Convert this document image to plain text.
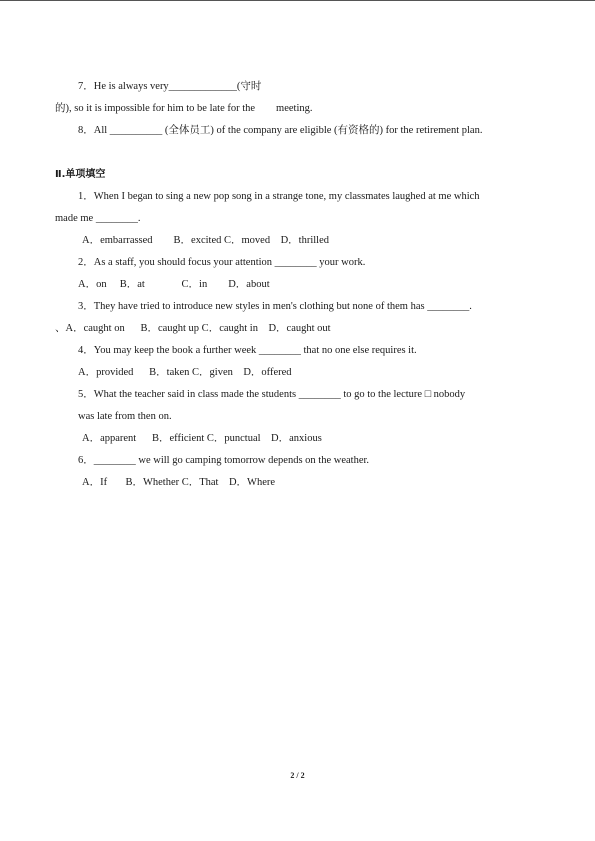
7．He is always very_____________(守时
的), so it is impossible for him to be late for the        meeting.
8．All __________ (全体员工) of the company are eligible (有资格的) for the retirement plan.
Ⅱ.单项填空
1．When I began to sing a new pop song in a strange tone, my classmates laughed at me which
made me ________.
A．embarrassed        B．excited C．moved    D．thrilled
2．As a staff, you should focus your attention ________ your work.
A．on     B．at              C．in        D．about
3．They have tried to introduce new styles in men's clothing but none of them has ________.
、A．caught on      B．caught up C．caught in    D．caught out
4．You may keep the book a further week ________ that no one else requires it.
A．provided      B．taken C．given    D．offered
5．What the teacher said in class made the students ________ to go to the lecture □ nobody
was late from then on.
A．apparent      B．efficient C．punctual    D．anxious
6．________ we will go camping tomorrow depends on the weather.
A．If       B．Whether C．That    D．Where
2 / 2
